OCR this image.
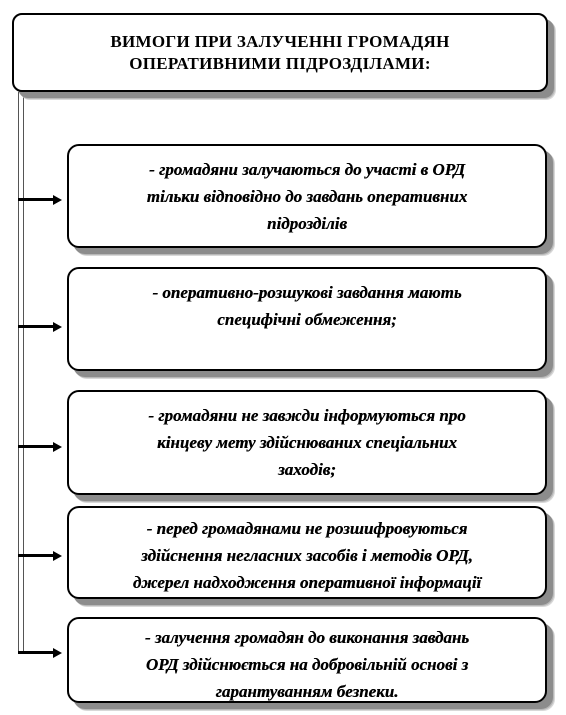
ВИМОГИ ПРИ ЗАЛУЧЕННІ ГРОМАДЯН
ОПЕРАТИВНИМИ ПІДРОЗДІЛАМИ:
- громадяни залучаються до участі в ОРД
тільки відповідно до завдань оперативних
підрозділів
- оперативно-розшукові завдання мають
специфічні обмеження;
- громадяни не завжди інформуються про
кінцеву мету здійснюваних спеціальних
заходів;
- перед громадянами не розшифровуються
здійснення негласних засобів і методів ОРД,
джерел надходження оперативної інформації
- залучення громадян до виконання завдань
ОРД здійснюється на добровільній основі з
гарантуванням безпеки.
